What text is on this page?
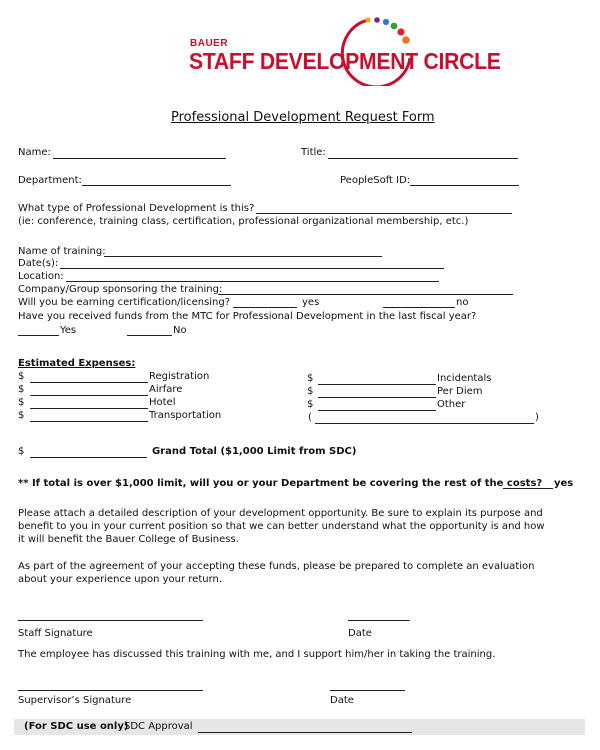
BAUER
STAFF DEVELOPMENT CIRCLE
Professional Development Request Form
Name:	Title:
Department:	PeopleSoft ID:
What type of Professional Development is this?
(ie: conference, training class, certification, professional organizational membership, etc.)
Name of training:
Date(s):
Location:
Company/Group sponsoring the training:
Will you be earning certification/licensing?	yes	no
Have you received funds from the MTC for Professional Development in the last fiscal year?
Yes	No
Estimated Expenses:
$	Registration
$	Airfare
$	Hotel
$	Transportation
$	Incidentals
$	Per Diem
$	Other
(	)
$	Grand Total ($1,000 Limit from SDC)
** If total is over $1,000 limit, will you or your Department be covering the rest of the costs? yes
Please attach a detailed description of your development opportunity. Be sure to explain its purpose and
benefit to you in your current position so that we can better understand what the opportunity is and how
it will benefit the Bauer College of Business.
As part of the agreement of your accepting these funds, please be prepared to complete an evaluation
about your experience upon your return.
Staff Signature	Date
The employee has discussed this training with me, and I support him/her in taking the training.
Supervisor’s Signature	Date
(For SDC use only)
SDC Approval
